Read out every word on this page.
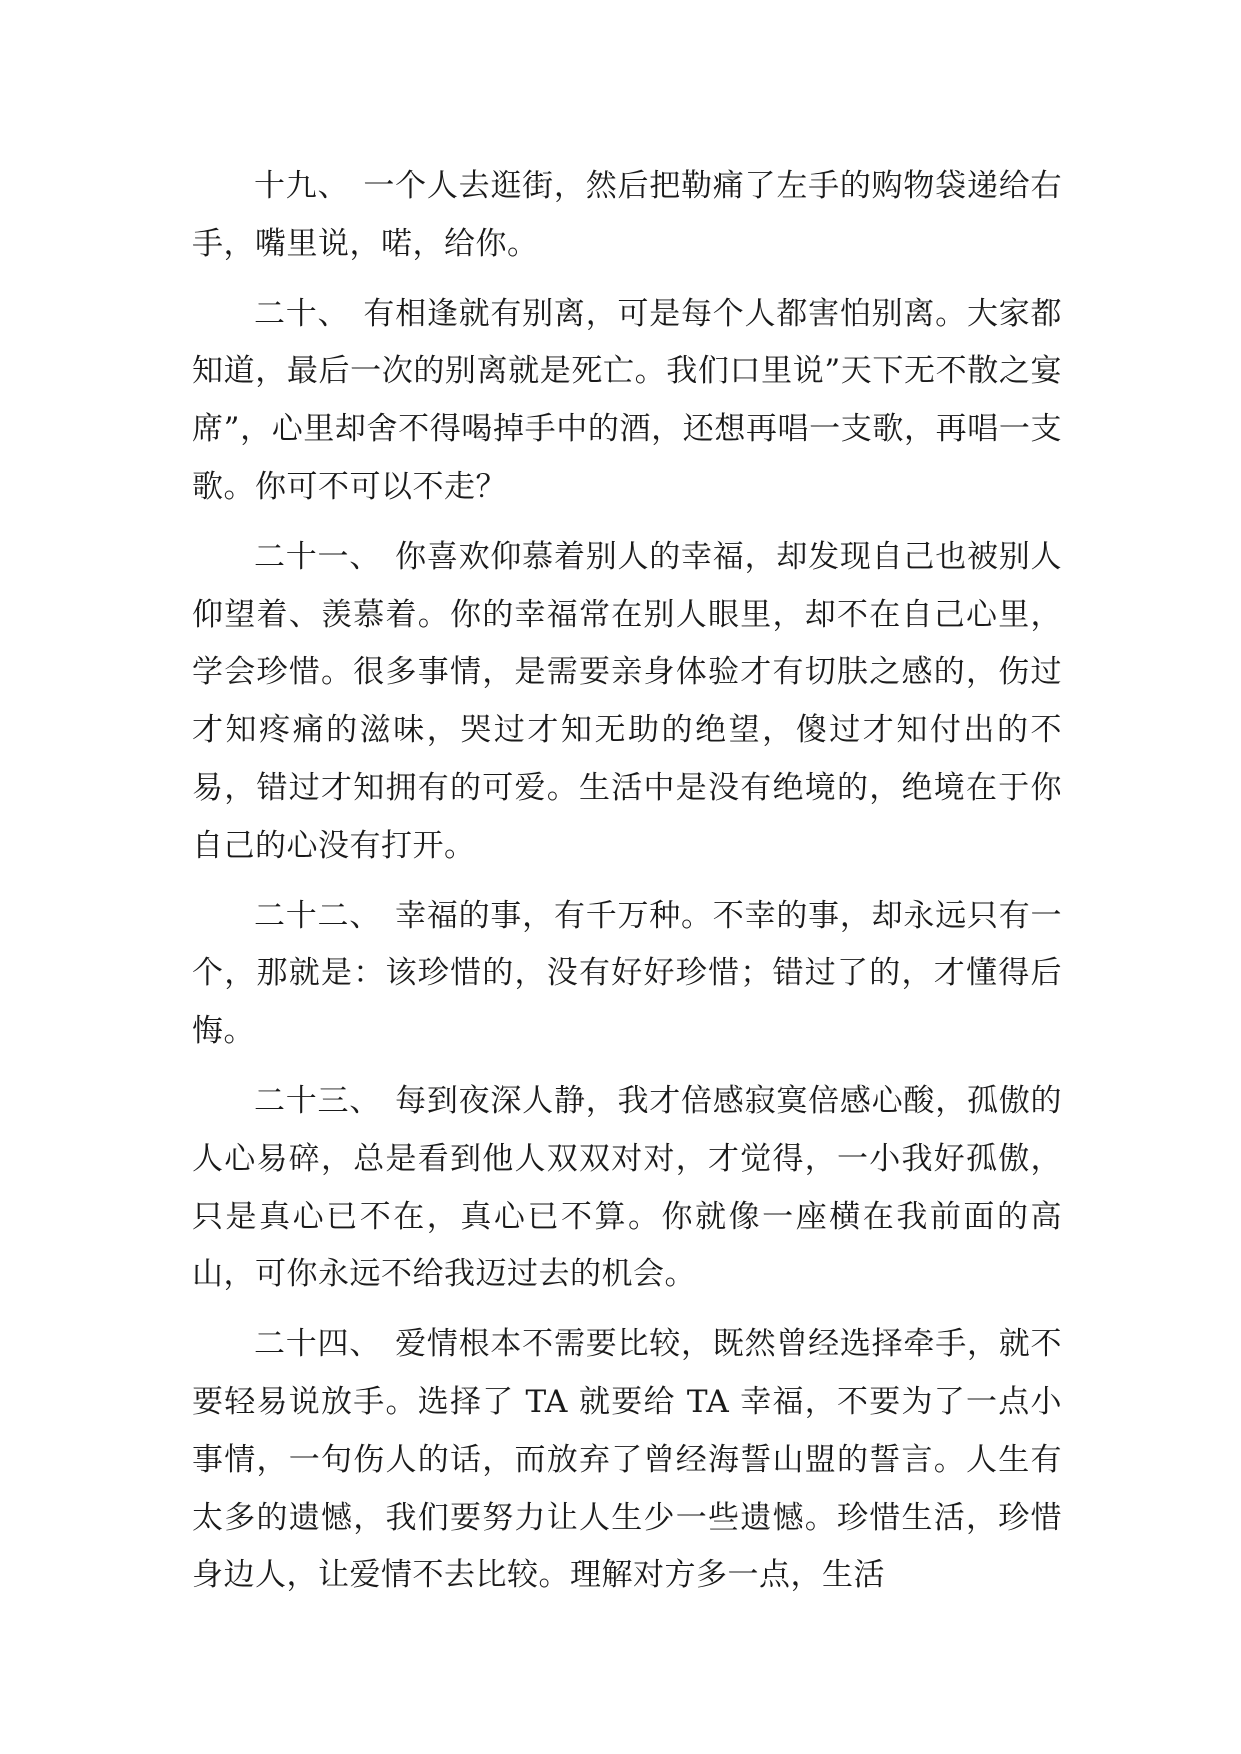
十九、 一个人去逛街，然后把勒痛了左手的购物袋递给右手，嘴里说，喏，给你。

二十、 有相逢就有别离，可是每个人都害怕别离。大家都知道，最后一次的别离就是死亡。我们口里说”天下无不散之宴席”，心里却舍不得喝掉手中的酒，还想再唱一支歌，再唱一支歌。你可不可以不走？

二十一、 你喜欢仰慕着别人的幸福，却发现自己也被别人仰望着、羡慕着。你的幸福常在别人眼里，却不在自己心里，学会珍惜。很多事情，是需要亲身体验才有切肤之感的，伤过才知疼痛的滋味，哭过才知无助的绝望，傻过才知付出的不易，错过才知拥有的可爱。生活中是没有绝境的，绝境在于你自己的心没有打开。

二十二、 幸福的事，有千万种。不幸的事，却永远只有一个，那就是：该珍惜的，没有好好珍惜；错过了的，才懂得后悔。

二十三、 每到夜深人静，我才倍感寂寞倍感心酸，孤傲的人心易碎，总是看到他人双双对对，才觉得，一小我好孤傲，只是真心已不在，真心已不算。你就像一座横在我前面的高山，可你永远不给我迈过去的机会。

二十四、 爱情根本不需要比较，既然曾经选择牵手，就不要轻易说放手。选择了 TA 就要给 TA 幸福，不要为了一点小事情，一句伤人的话，而放弃了曾经海誓山盟的誓言。人生有太多的遗憾，我们要努力让人生少一些遗憾。珍惜生活，珍惜身边人，让爱情不去比较。理解对方多一点，生活
